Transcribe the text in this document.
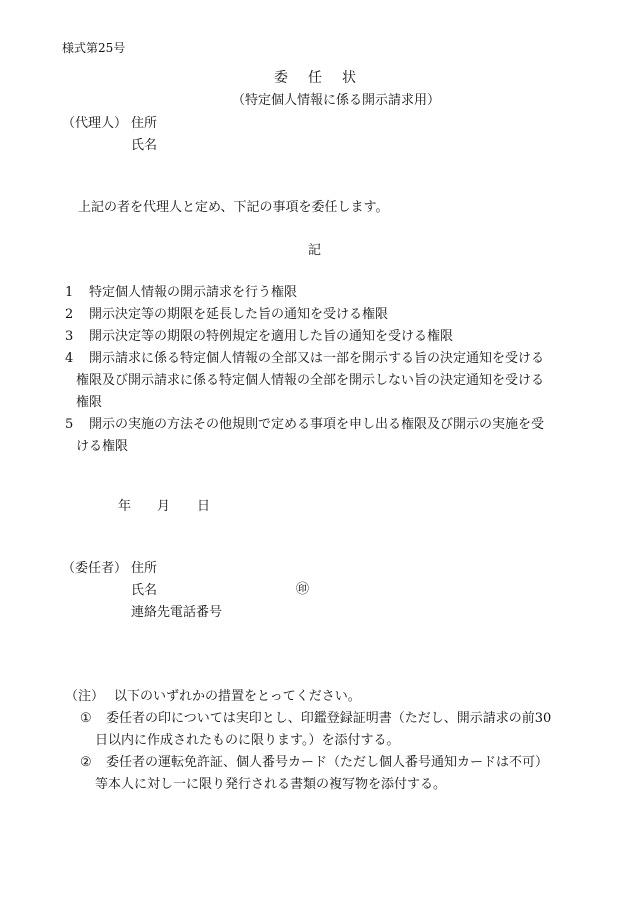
様式第25号
委 任 状
（特定個人情報に係る開示請求用）
（代理人） 住所
氏名
上記の者を代理人と定め、下記の事項を委任します。
記
1 特定個人情報の開示請求を行う権限
2 開示決定等の期限を延長した旨の通知を受ける権限
3 開示決定等の期限の特例規定を適用した旨の通知を受ける権限
4 開示請求に係る特定個人情報の全部又は一部を開示する旨の決定通知を受ける
権限及び開示請求に係る特定個人情報の全部を開示しない旨の決定通知を受ける
権限
5 開示の実施の方法その他規則で定める事項を申し出る権限及び開示の実施を受
ける権限
年 月 日
（委任者） 住所
氏名	㊞
連絡先電話番号
（注） 以下のいずれかの措置をとってください。
① 委任者の印については実印とし、印鑑登録証明書（ただし、開示請求の前30
日以内に作成されたものに限ります。）を添付する。
② 委任者の運転免許証、個人番号カード（ただし個人番号通知カードは不可）
等本人に対し一に限り発行される書類の複写物を添付する。
